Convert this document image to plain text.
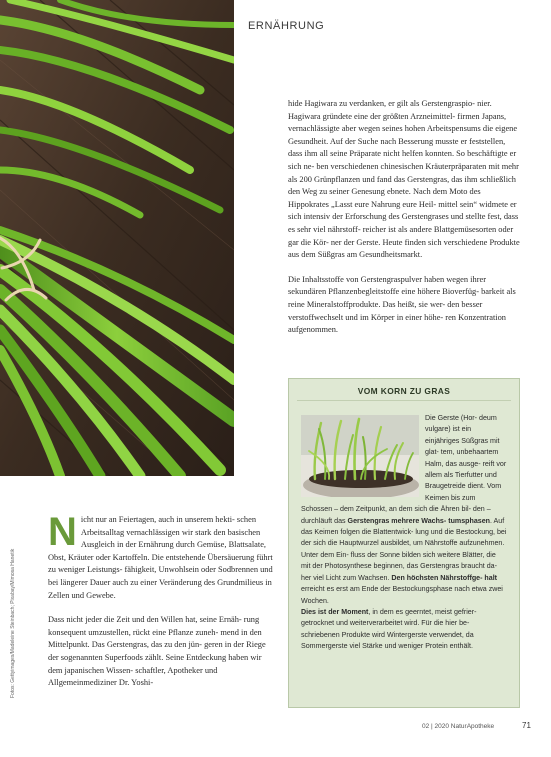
ERNÄHRUNG

hide Hagiwara zu verdanken, er gilt als Gerstengraspio- nier. Hagiwara gründete eine der größten Arzneimittel- firmen Japans, vernachlässigte aber wegen seines hohen Arbeitspensums die eigene Gesundheit. Auf der Suche nach Besserung musste er feststellen, dass ihm all seine Präparate nicht helfen konnten. So beschäftigte er sich ne- ben verschiedenen chinesischen Kräuterpräparaten mit mehr als 200 Grünpflanzen und fand das Gerstengras, das ihm schließlich den Weg zu seiner Genesung ebnete. Nach dem Moto des Hippokrates „Lasst eure Nahrung eure Heil- mittel sein“ widmete er sich intensiv der Erforschung des Gerstengrases und stellte fest, dass es sehr viel nährstoff- reicher ist als andere Blattgemüsesorten oder gar die Kör- ner der Gerste. Heute finden sich verschiedene Produkte aus dem Süßgras am Gesundheitsmarkt.

Die Inhaltsstoffe von Gerstengraspulver haben wegen ihrer sekundären Pflanzenbegleitstoffe eine höhere Bioverfüg- barkeit als reine Mineralstoffprodukte. Das heißt, sie wer- den besser verstoffwechselt und im Körper in einer höhe- ren Konzentration aufgenommen.

VOM KORN ZU GRAS
Die Gerste (Hor- deum vulgare) ist ein einjähriges Süßgras mit glat- tem, unbehaartem Halm, das ausge- reift vor allem als Tierfutter und Braugetreide dient. Vom Keimen bis zum Schossen – dem Zeitpunkt, an dem sich die Ähren bil- den – durchläuft das Gerstengras mehrere Wachs- tumsphasen. Auf das Keimen folgen die Blattentwick- lung und die Bestockung, bei der sich die Hauptwurzel ausbildet, um Nährstoffe aufzunehmen. Unter dem Ein- fluss der Sonne bilden sich weitere Blätter, die mit der Photosynthese beginnen, das Gerstengras braucht da- her viel Licht zum Wachsen. Den höchsten Nährstoffge- halt erreicht es erst am Ende der Bestockungsphase nach etwa zwei Wochen.
Dies ist der Moment, in dem es geerntet, meist gefrier- getrocknet und weiterverarbeitet wird. Für die hier be- schriebenen Produkte wird Wintergerste verwendet, da Sommergerste viel Stärke und weniger Protein enthält.
Fotos: Gettyimages/Madeleine Steinbach; Pixabay/Mimosa Hanetik

Nicht nur an Feiertagen, auch in unserem hekti- schen Arbeitsalltag vernachlässigen wir stark den basischen Ausgleich in der Ernährung durch Gemüse, Blattsalate, Obst, Kräuter oder Kartoffeln. Die entstehende Übersäuerung führt zu weniger Leistungs- fähigkeit, Unwohlsein oder Sodbrennen und bei längerer Dauer auch zu einer Veränderung des Grundmilieus in Zellen und Gewebe.

Dass nicht jeder die Zeit und den Willen hat, seine Ernäh- rung konsequent umzustellen, rückt eine Pflanze zuneh- mend in den Mittelpunkt. Das Gerstengras, das zu den jün- geren in der Riege der sogenannten Superfoods zählt. Seine Entdeckung haben wir dem japanischen Wissen- schaftler, Apotheker und Allgemeinmediziner Dr. Yoshi-

02 | 2020 NaturApotheke	71
